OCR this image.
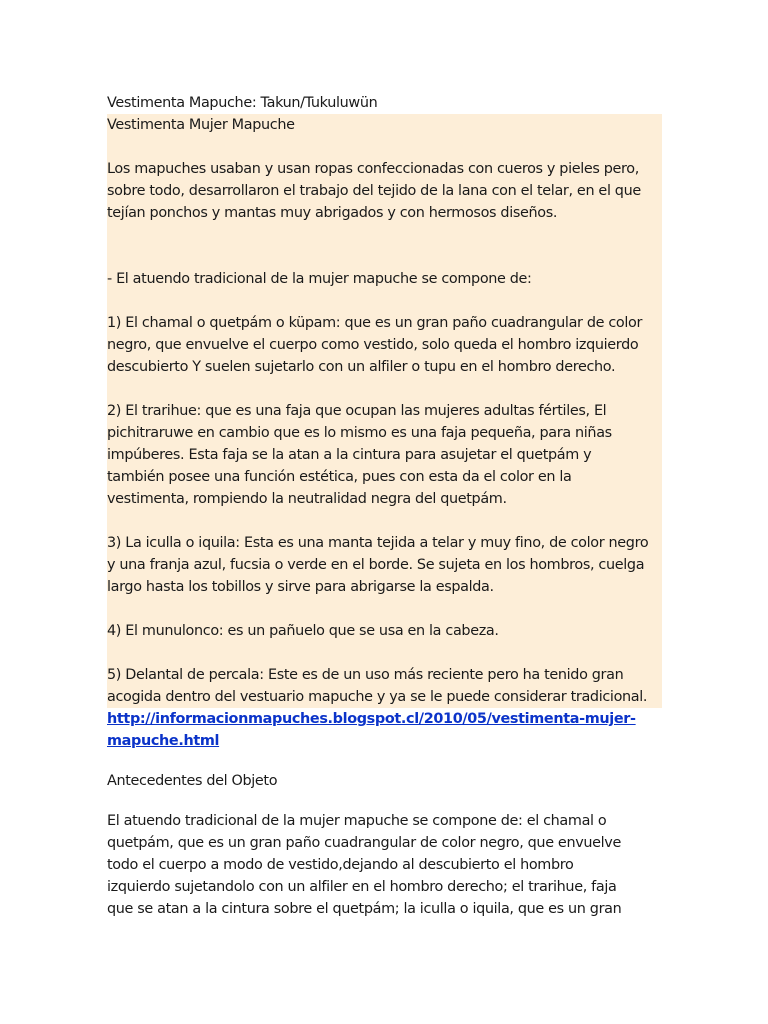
Vestimenta Mapuche: Takun/Tukuluwün
Vestimenta Mujer Mapuche
Los mapuches usaban y usan ropas confeccionadas con cueros y pieles pero,
sobre todo, desarrollaron el trabajo del tejido de la lana con el telar, en el que
tejían ponchos y mantas muy abrigados y con hermosos diseños.
- El atuendo tradicional de la mujer mapuche se compone de:
1) El chamal o quetpám o küpam: que es un gran paño cuadrangular de color
negro, que envuelve el cuerpo como vestido, solo queda el hombro izquierdo
descubierto Y suelen sujetarlo con un alfiler o tupu en el hombro derecho.
2) El trarihue: que es una faja que ocupan las mujeres adultas fértiles, El
pichitraruwe en cambio que es lo mismo es una faja pequeña, para niñas
impúberes. Esta faja se la atan a la cintura para asujetar el quetpám y
también posee una función estética, pues con esta da el color en la
vestimenta, rompiendo la neutralidad negra del quetpám.
3) La iculla o iquila: Esta es una manta tejida a telar y muy fino, de color negro
y una franja azul, fucsia o verde en el borde. Se sujeta en los hombros, cuelga
largo hasta los tobillos y sirve para abrigarse la espalda.
4) El munulonco: es un pañuelo que se usa en la cabeza.
5) Delantal de percala: Este es de un uso más reciente pero ha tenido gran
acogida dentro del vestuario mapuche y ya se le puede considerar tradicional.
http://informacionmapuches.blogspot.cl/2010/05/vestimenta-mujer-
mapuche.html
Antecedentes del Objeto
El atuendo tradicional de la mujer mapuche se compone de: el chamal o
quetpám, que es un gran paño cuadrangular de color negro, que envuelve
todo el cuerpo a modo de vestido,dejando al descubierto el hombro
izquierdo sujetandolo con un alfiler en el hombro derecho; el trarihue, faja
que se atan a la cintura sobre el quetpám; la iculla o iquila, que es un gran
